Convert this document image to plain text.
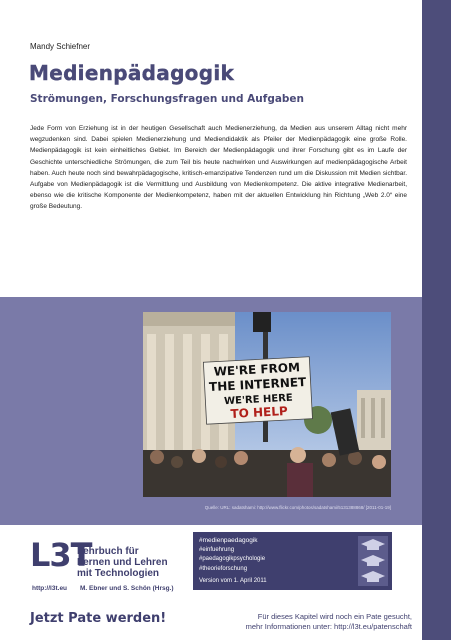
Mandy Schiefner
Medienpädagogik
Strömungen, Forschungsfragen und Aufgaben

Jede Form von Erziehung ist in der heutigen Gesellschaft auch Medienerziehung, da Medien aus unserem Alltag nicht mehr wegzudenken sind. Dabei spielen Medienerziehung und Mediendidaktik als Pfeiler der Medienpädagogik eine große Rolle. Medienpädagogik ist kein einheitliches Gebiet. Im Bereich der Medienpädagogik und ihrer Forschung gibt es im Laufe der Geschichte unterschiedliche Strömungen, die zum Teil bis heute nachwirken und Auswirkungen auf medienpädagogische Arbeit haben. Auch heute noch sind bewahrpädagogische, kritisch-emanzipative Tendenzen rund um die Diskussion mit Medien sichtbar. Aufgabe von Medienpädagogik ist die Vermittlung und Ausbildung von Medienkompetenz. Die aktive integrative Medienarbeit, ebenso wie die kritische Komponente der Medienkompetenz, haben mit der aktuellen Entwicklung hin Richtung „Web 2.0“ eine große Bedeutung.

WE'RE FROM
THE INTERNET
WE'RE HERE
TO HELP
Quelle: URL: sadatshami: http://www.flickr.com/photos/sadatshami/5131388868/ [2011-01-19]
L3T
Lehrbuch für
Lernen und Lehren
mit Technologien
http://l3t.eu M. Ebner und S. Schön (Hrsg.)
#medienpaedagogik
#einfuehrung
#paedagogikpsychologie
#theorieforschung
Version vom 1. April 2011
Jetzt Pate werden!	Für dieses Kapitel wird noch ein Pate gesucht,
mehr Informationen unter: http://l3t.eu/patenschaft
